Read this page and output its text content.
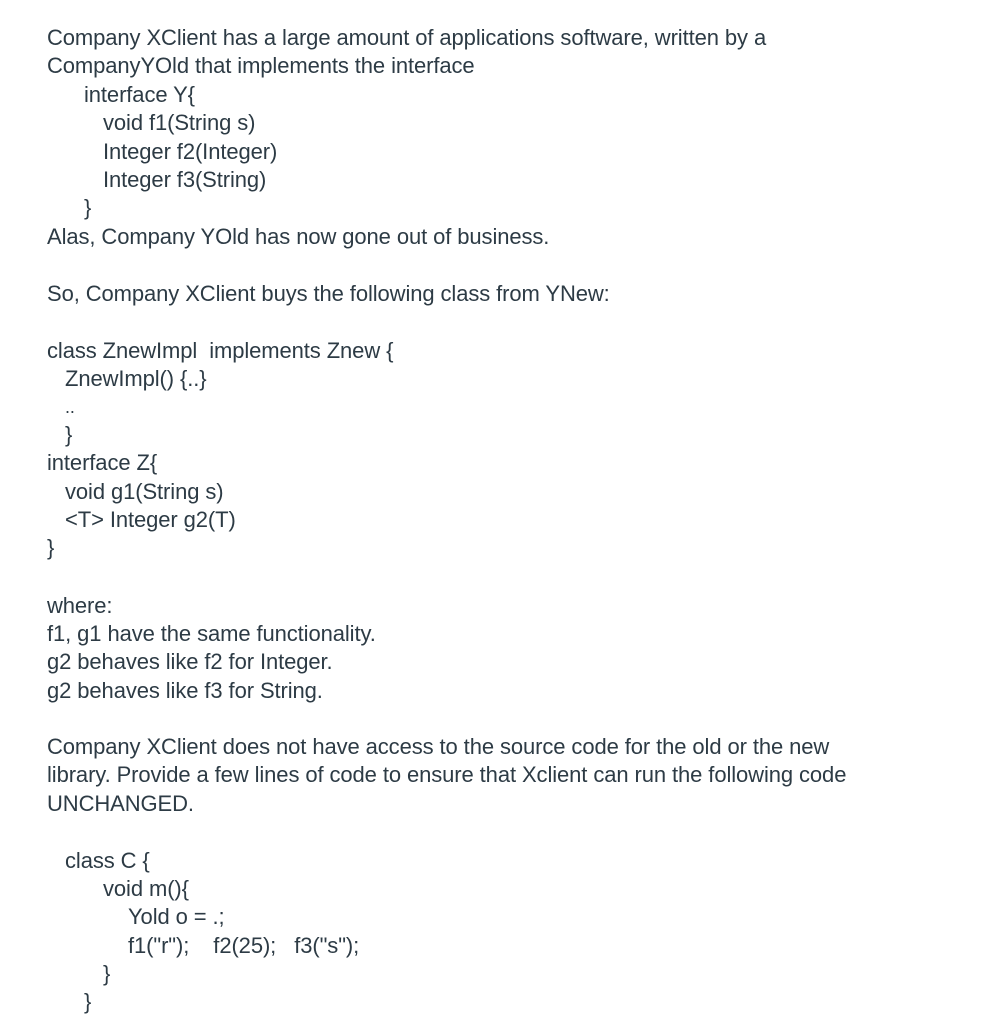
Company XClient has a large amount of applications software, written by a
CompanyYOld that implements the interface
interface Y{
void f1(String s)
Integer f2(Integer)
Integer f3(String)
}
Alas, Company YOld has now gone out of business.
So, Company XClient buys the following class from YNew:
class ZnewImpl  implements Znew {
ZnewImpl() {..}
..
}
interface Z{
void g1(String s)
<T> Integer g2(T)
}
where:
f1, g1 have the same functionality.
g2 behaves like f2 for Integer.
g2 behaves like f3 for String.
Company XClient does not have access to the source code for the old or the new
library. Provide a few lines of code to ensure that Xclient can run the following code
UNCHANGED.
class C {
void m(){
Yold o = .;
f1("r");    f2(25);   f3("s");
}
}
